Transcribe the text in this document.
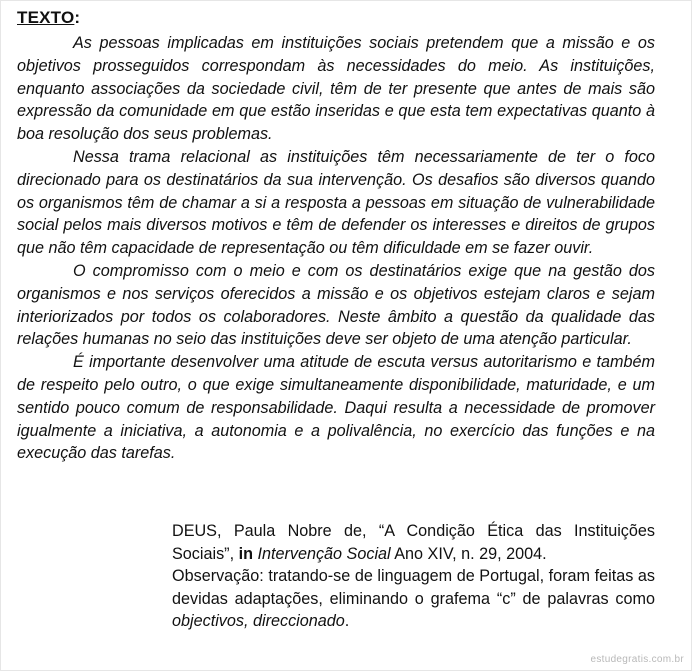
TEXTO:

As pessoas implicadas em instituições sociais pretendem que a missão e os objetivos prosseguidos correspondam às necessidades do meio. As instituições, enquanto associações da sociedade civil, têm de ter presente que antes de mais são expressão da comunidade em que estão inseridas e que esta tem expectativas quanto à boa resolução dos seus problemas.

Nessa trama relacional as instituições têm necessariamente de ter o foco direcionado para os destinatários da sua intervenção. Os desafios são diversos quando os organismos têm de chamar a si a resposta a pessoas em situação de vulnerabilidade social pelos mais diversos motivos e têm de defender os interesses e direitos de grupos que não têm capacidade de representação ou têm dificuldade em se fazer ouvir.

O compromisso com o meio e com os destinatários exige que na gestão dos organismos e nos serviços oferecidos a missão e os objetivos estejam claros e sejam interiorizados por todos os colaboradores. Neste âmbito a questão da qualidade das relações humanas no seio das instituições deve ser objeto de uma atenção particular.

É importante desenvolver uma atitude de escuta versus autoritarismo e também de respeito pelo outro, o que exige simultaneamente disponibilidade, maturidade, e um sentido pouco comum de responsabilidade. Daqui resulta a necessidade de promover igualmente a iniciativa, a autonomia e a polivalência, no exercício das funções e na execução das tarefas.

DEUS, Paula Nobre de, “A Condição Ética das Instituições Sociais”, in Intervenção Social Ano XIV, n. 29, 2004.

Observação: tratando-se de linguagem de Portugal, foram feitas as devidas adaptações, eliminando o grafema “c” de palavras como objectivos, direccionado.

estudegratis.com.br
